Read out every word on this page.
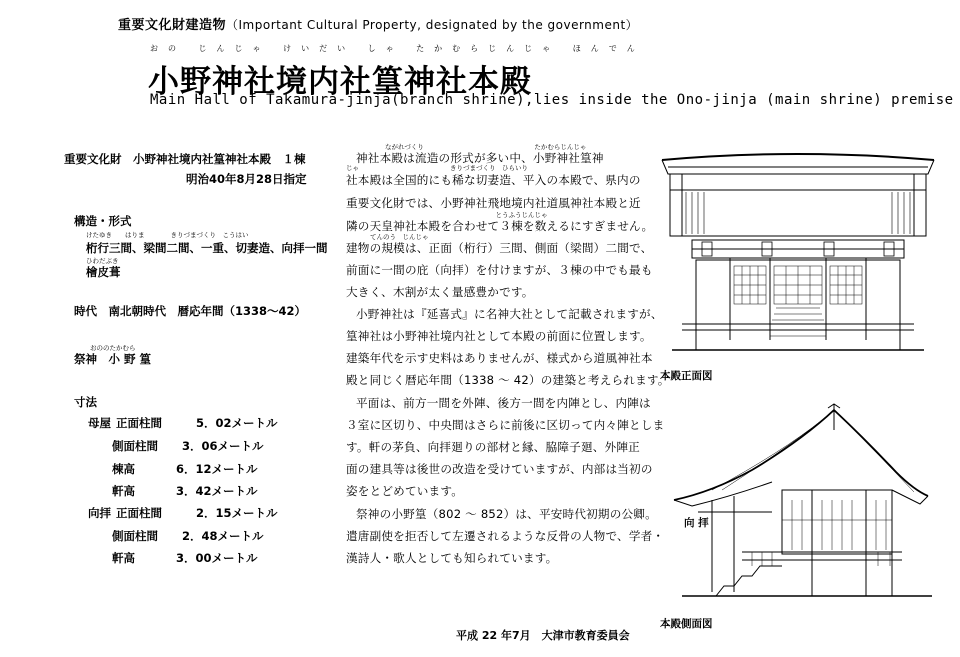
重要文化財建造物（Important Cultural Property, designated by the government）
おの じんじゃ けいだい しゃ たかむらじんじゃ ほんでん
小野神社境内社篁神社本殿
Main Hall of Takamura-jinja(branch shrine),lies inside the Ono-jinja (main shrine) premise
重要文化財　小野神社境内社篁神社本殿　１棟
明治40年8月28日指定
構造・形式
けたゆき　　はりま　　　　きりづまづくり　こうはい
桁行三間、梁間二間、一重、切妻造、向拝一間
ひわだぶき
檜皮葺
時代　南北朝時代　暦応年間（1338～42）
おののたかむら
祭神　小 野 篁
寸法
母屋 正面柱間	5．02メートル
側面柱間 3．06メートル
棟高	6．12メートル
軒高	3．42メートル
向拝 正面柱間	2．15メートル
側面柱間 2．48メートル
軒高	3．00メートル
ながれづくり　　　　　　　　　　　　　　　　　たかむらじんじゃ
じゃ　　　　　　　　　　　　　　きりづまづくり　ひらいり
　　　　　　　　　　　　　　　　　　　　　　　とうふうじんじゃ
てんのう　じんじゃ
神社本殿は流造の形式が多い中、小野神社篁神
社本殿は全国的にも稀な切妻造、平入の本殿で、県内の
重要文化財では、小野神社飛地境内社道風神社本殿と近
隣の天皇神社本殿を合わせて３棟を数えるにすぎません。
建物の規模は、正面（桁行）三間、側面（梁間）二間で、
前面に一間の庇（向拝）を付けますが、３棟の中でも最も
大きく、木割が太く量感豊かです。
小野神社は『延喜式』に名神大社として記載されますが、
篁神社は小野神社境内社として本殿の前面に位置します。
建築年代を示す史料はありませんが、様式から道風神社本
殿と同じく暦応年間（1338 ～ 42）の建築と考えられます。
平面は、前方一間を外陣、後方一間を内陣とし、内陣は
３室に区切り、中央間はさらに前後に区切って内々陣としま
す。軒の茅負、向拝廻りの部材と縁、脇障子廻、外陣正
面の建具等は後世の改造を受けていますが、内部は当初の
姿をとどめています。
祭神の小野篁（802 ～ 852）は、平安時代初期の公卿。
遣唐副使を拒否して左遷されるような反骨の人物で、学者・
漢詩人・歌人としても知られています。
本殿正面図
向 拝
本殿側面図
平成 22 年7月　大津市教育委員会
